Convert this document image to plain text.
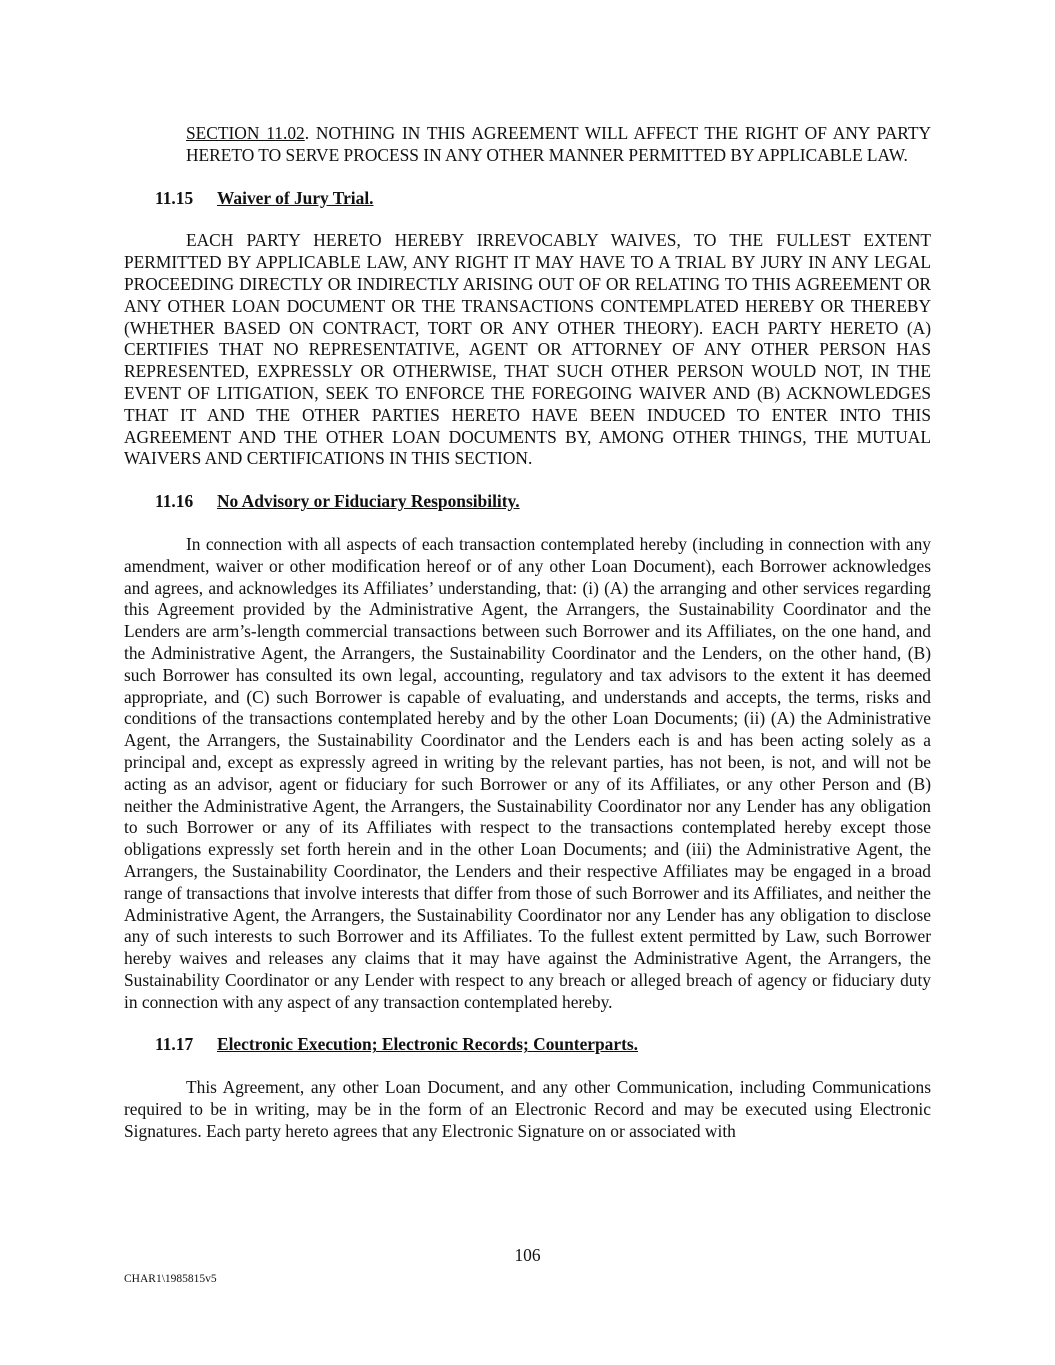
SECTION 11.02. NOTHING IN THIS AGREEMENT WILL AFFECT THE RIGHT OF ANY PARTY HERETO TO SERVE PROCESS IN ANY OTHER MANNER PERMITTED BY APPLICABLE LAW.

11.15 Waiver of Jury Trial.

EACH PARTY HERETO HEREBY IRREVOCABLY WAIVES, TO THE FULLEST EXTENT PERMITTED BY APPLICABLE LAW, ANY RIGHT IT MAY HAVE TO A TRIAL BY JURY IN ANY LEGAL PROCEEDING DIRECTLY OR INDIRECTLY ARISING OUT OF OR RELATING TO THIS AGREEMENT OR ANY OTHER LOAN DOCUMENT OR THE TRANSACTIONS CONTEMPLATED HEREBY OR THEREBY (WHETHER BASED ON CONTRACT, TORT OR ANY OTHER THEORY). EACH PARTY HERETO (A) CERTIFIES THAT NO REPRESENTATIVE, AGENT OR ATTORNEY OF ANY OTHER PERSON HAS REPRESENTED, EXPRESSLY OR OTHERWISE, THAT SUCH OTHER PERSON WOULD NOT, IN THE EVENT OF LITIGATION, SEEK TO ENFORCE THE FOREGOING WAIVER AND (B) ACKNOWLEDGES THAT IT AND THE OTHER PARTIES HERETO HAVE BEEN INDUCED TO ENTER INTO THIS AGREEMENT AND THE OTHER LOAN DOCUMENTS BY, AMONG OTHER THINGS, THE MUTUAL WAIVERS AND CERTIFICATIONS IN THIS SECTION.

11.16 No Advisory or Fiduciary Responsibility.

In connection with all aspects of each transaction contemplated hereby (including in connection with any amendment, waiver or other modification hereof or of any other Loan Document), each Borrower acknowledges and agrees, and acknowledges its Affiliates’ understanding, that: (i) (A) the arranging and other services regarding this Agreement provided by the Administrative Agent, the Arrangers, the Sustainability Coordinator and the Lenders are arm’s-length commercial transactions between such Borrower and its Affiliates, on the one hand, and the Administrative Agent, the Arrangers, the Sustainability Coordinator and the Lenders, on the other hand, (B) such Borrower has consulted its own legal, accounting, regulatory and tax advisors to the extent it has deemed appropriate, and (C) such Borrower is capable of evaluating, and understands and accepts, the terms, risks and conditions of the transactions contemplated hereby and by the other Loan Documents; (ii) (A) the Administrative Agent, the Arrangers, the Sustainability Coordinator and the Lenders each is and has been acting solely as a principal and, except as expressly agreed in writing by the relevant parties, has not been, is not, and will not be acting as an advisor, agent or fiduciary for such Borrower or any of its Affiliates, or any other Person and (B) neither the Administrative Agent, the Arrangers, the Sustainability Coordinator nor any Lender has any obligation to such Borrower or any of its Affiliates with respect to the transactions contemplated hereby except those obligations expressly set forth herein and in the other Loan Documents; and (iii) the Administrative Agent, the Arrangers, the Sustainability Coordinator, the Lenders and their respective Affiliates may be engaged in a broad range of transactions that involve interests that differ from those of such Borrower and its Affiliates, and neither the Administrative Agent, the Arrangers, the Sustainability Coordinator nor any Lender has any obligation to disclose any of such interests to such Borrower and its Affiliates. To the fullest extent permitted by Law, such Borrower hereby waives and releases any claims that it may have against the Administrative Agent, the Arrangers, the Sustainability Coordinator or any Lender with respect to any breach or alleged breach of agency or fiduciary duty in connection with any aspect of any transaction contemplated hereby.

11.17 Electronic Execution; Electronic Records; Counterparts.

This Agreement, any other Loan Document, and any other Communication, including Communications required to be in writing, may be in the form of an Electronic Record and may be executed using Electronic Signatures. Each party hereto agrees that any Electronic Signature on or associated with

106
CHAR1\1985815v5
